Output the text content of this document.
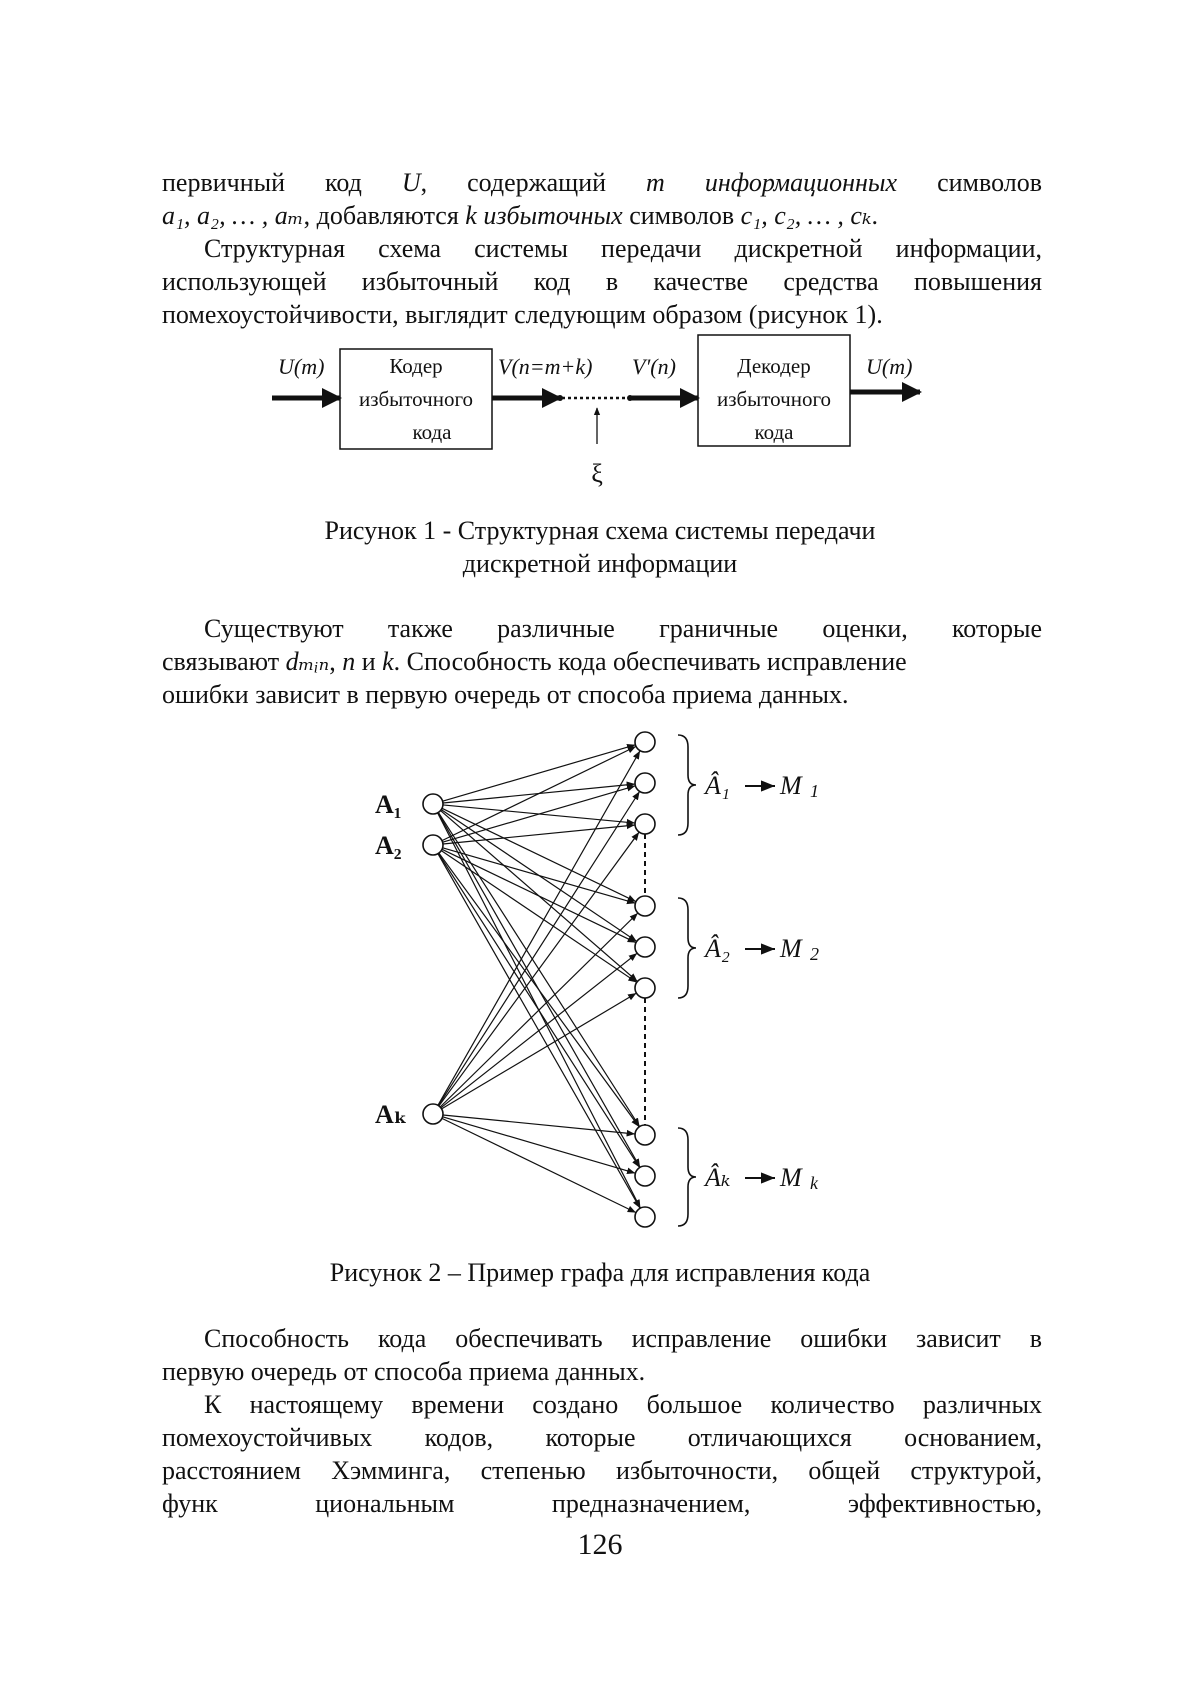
первичный код U, содержащий m информационных символов
a₁, a₂, … , aₘ, добавляются k избыточных символов c₁, c₂, … , cₖ.
Структурная схема системы передачи дискретной информации,
использующей избыточный код в качестве средства повышения
помехоустойчивости, выглядит следующим образом (рисунок 1).
U(m)	Кодер
избыточного
кода
V(n=m+k) V′(n)
ξ
Декодер
избыточного
кода
U(m)
A₁
A₂
Aₖ
Â₁ M 1
Â₂ M 2
Âₖ M k
Рисунок 1 - Структурная схема системы передачи
дискретной информации
Существуют также различные граничные оценки, которые
связывают dₘᵢₙ, n и k. Способность кода обеспечивать исправление
ошибки зависит в первую очередь от способа приема данных.
Рисунок 2 – Пример графа для исправления кода
Способность кода обеспечивать исправление ошибки зависит в
первую очередь от способа приема данных.
К настоящему времени создано большое количество различных
помехоустойчивых кодов, которые отличающихся основанием,
расстоянием Хэмминга, степенью избыточности, общей структурой,
функ циональным предназначением, эффективностью,
126
